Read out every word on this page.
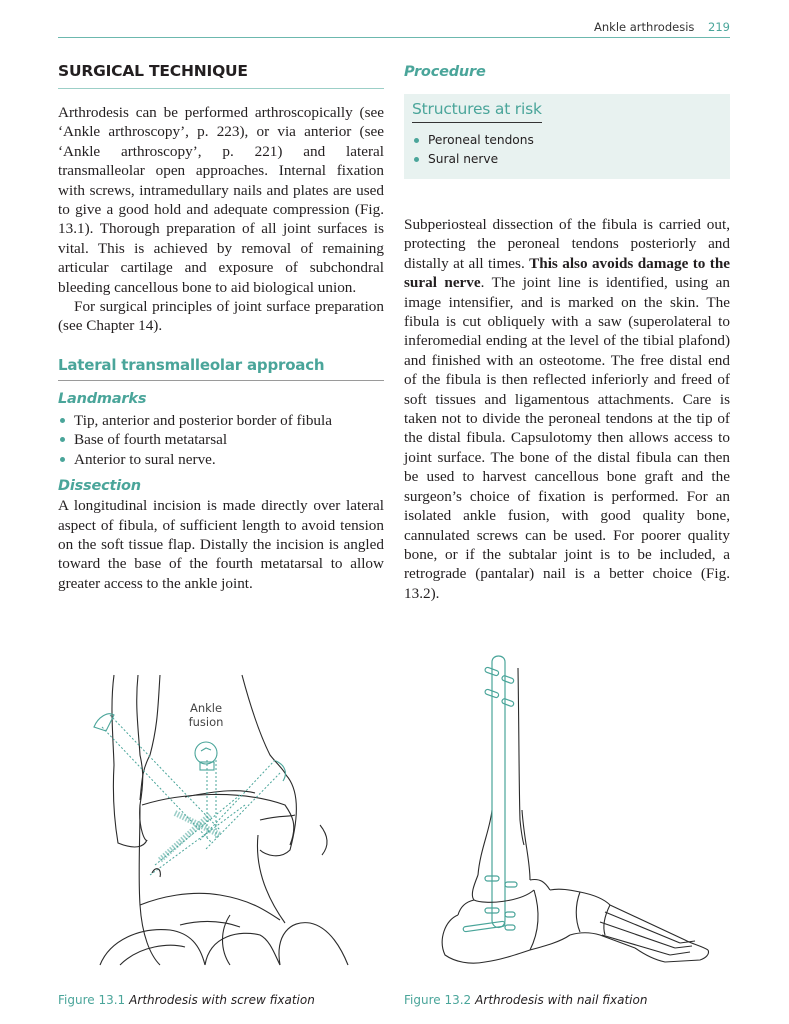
Ankle arthrodesis 219
SURGICAL TECHNIQUE

Arthrodesis can be performed arthroscopically (see ‘Ankle arthroscopy’, p. 223), or via anterior (see ‘Ankle arthroscopy’, p. 221) and lateral transmalleolar open approaches. Internal fixation with screws, intramedullary nails and plates are used to give a good hold and adequate compression (Fig. 13.1). Thorough preparation of all joint surfaces is vital. This is achieved by removal of remaining articular cartilage and exposure of subchondral bleeding cancellous bone to aid biological union.

For surgical principles of joint surface preparation (see Chapter 14).

Lateral transmalleolar approach
Landmarks
Tip, anterior and posterior border of fibula
Base of fourth metatarsal
Anterior to sural nerve.
Dissection

A longitudinal incision is made directly over lateral aspect of fibula, of sufficient length to avoid tension on the soft tissue flap. Distally the incision is angled toward the base of the fourth metatarsal to allow greater access to the ankle joint.

Procedure
Structures at risk
Peroneal tendons
Sural nerve

Subperiosteal dissection of the fibula is carried out, protecting the peroneal tendons posteriorly and distally at all times. This also avoids damage to the sural nerve. The joint line is identified, using an image intensifier, and is marked on the skin. The fibula is cut obliquely with a saw (superolateral to inferomedial ending at the level of the tibial plafond) and finished with an osteotome. The free distal end of the fibula is then reflected inferiorly and freed of soft tissues and ligamentous attachments. Care is taken not to divide the peroneal tendons at the tip of the distal fibula. Capsulotomy then allows access to joint surface. The bone of the distal fibula can then be used to harvest cancellous bone graft and the surgeon’s choice of fixation is performed. For an isolated ankle fusion, with good quality bone, cannulated screws can be used. For poorer quality bone, or if the subtalar joint is to be included, a retrograde (pantalar) nail is a better choice (Fig. 13.2).

Ankle
fusion
Figure 13.1 Arthrodesis with screw fixation	Figure 13.2 Arthrodesis with nail fixation
